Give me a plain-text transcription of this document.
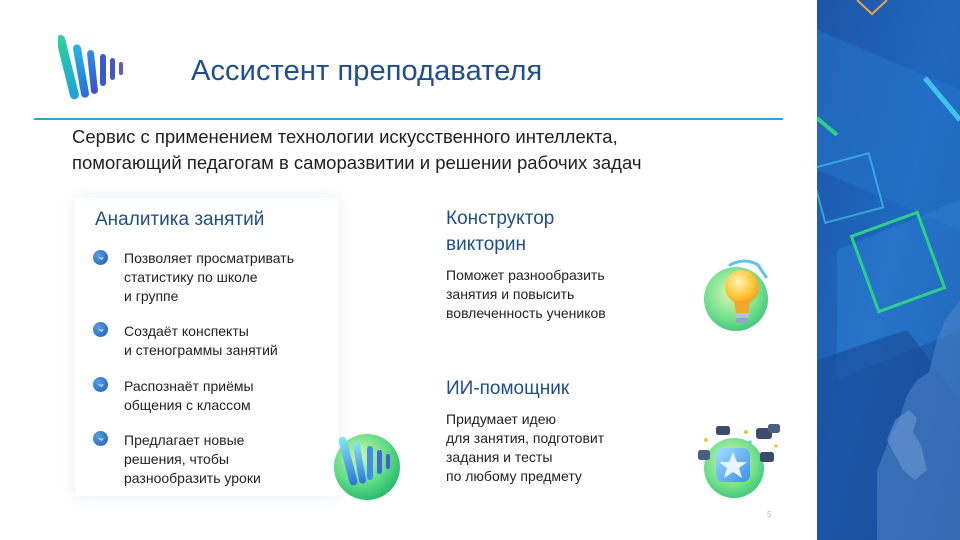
Ассистент преподавателя

Сервис с применением технологии искусственного интеллекта,
помогающий педагогам в саморазвитии и решении рабочих задач

Аналитика занятий

Позволяет просматривать
статистику по школе
и группе

Создаёт конспекты
и стенограммы занятий

Распознаёт приёмы
общения с классом

Предлагает новые
решения, чтобы
разнообразить уроки

Конструктор
викторин

Поможет разнообразить
занятия и повысить
вовлеченность учеников

ИИ-помощник

Придумает идею
для занятия, подготовит
задания и тесты
по любому предмету

5
